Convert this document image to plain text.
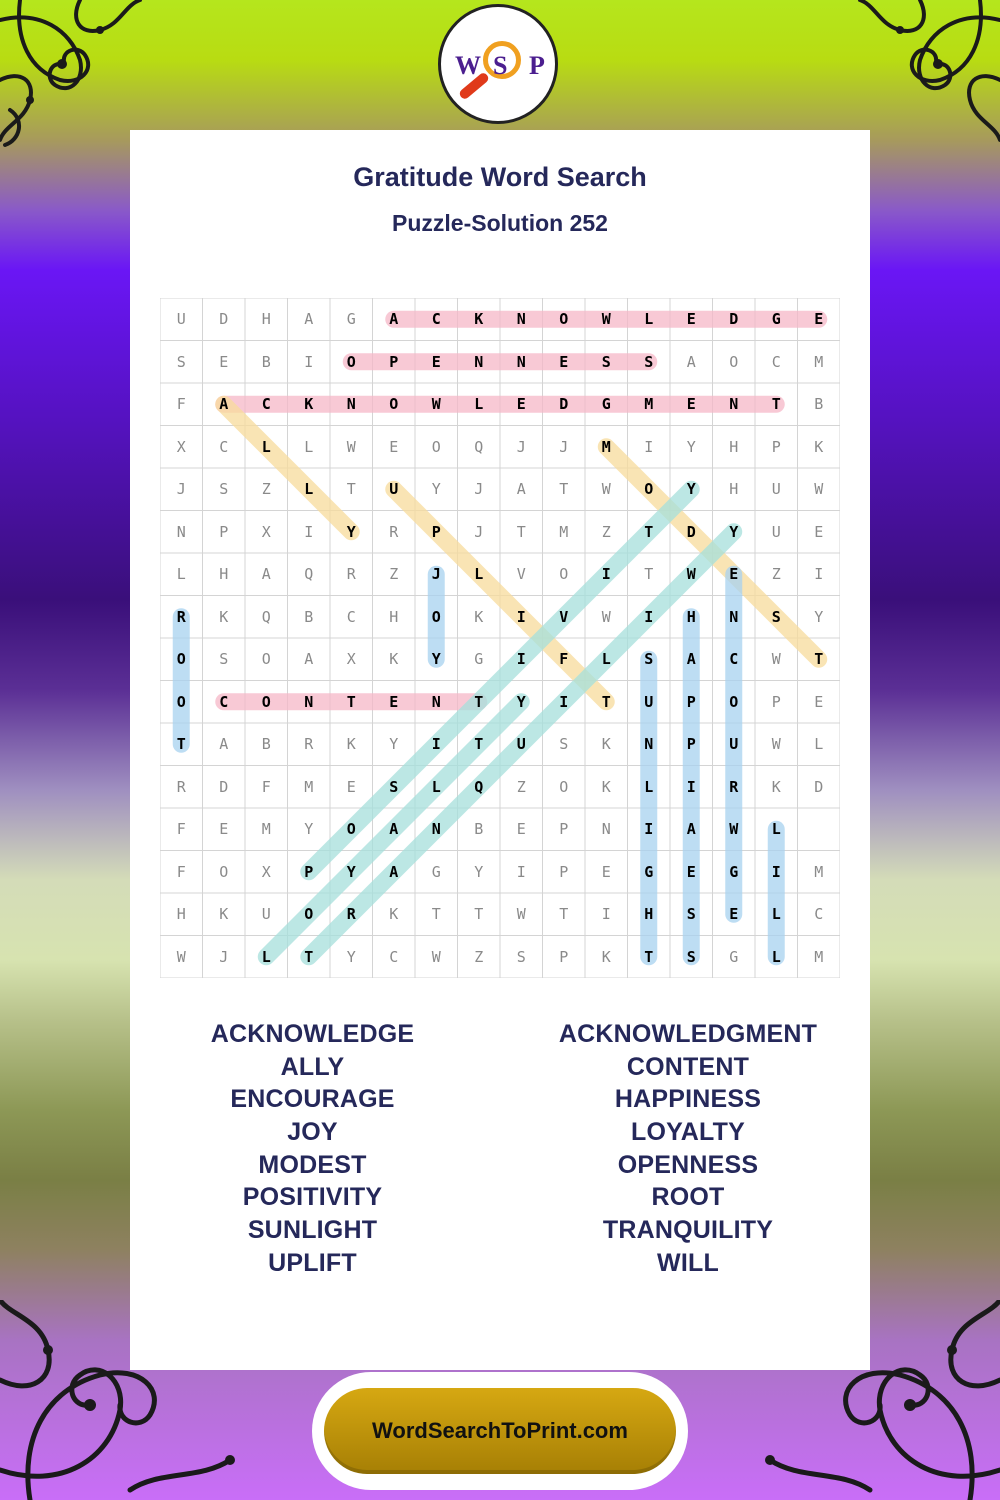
W S P
Gratitude Word Search
Puzzle-Solution 252
U	D	H	A	G	A	C	K	N	O	W	L	E	D	G	E
S	E	B	I	O	P	E	N	N	E	S	S	A	O	C	M
F	A	C	K	N	O	W	L	E	D	G	M	E	N	T	B
X	C	L	L	W	E	O	Q	J	J	M	I	Y	H	P	K
J	S	Z	L	T	U	Y	J	A	T	W	O	Y	H	U	W
N	P	X	I	Y	R	P	J	T	M	Z	T	D	Y	U	E
L	H	A	Q	R	Z	J	L	V	O	I	T	W	E	Z	I
R	K	Q	B	C	H	O	K	I	V	W	I	H	N	S	Y
O	S	O	A	X	K	Y	G	I	F	L	S	A	C	W	T
O	C	O	N	T	E	N	T	Y	I	T	U	P	O	P	E
T	A	B	R	K	Y	I	T	U	S	K	N	P	U	W	L
R	D	F	M	E	S	L	Q	Z	O	K	L	I	R	K	D
F	E	M	Y	O	A	N	B	E	P	N	I	A	W	L
F	O	X	P	Y	A	G	Y	I	P	E	G	E	G	I	M
H	K	U	O	R	K	T	T	W	T	I	H	S	E	L	C
W	J	L	T	Y	C	W	Z	S	P	K	T	S	G	L	M
ACKNOWLEDGE
ALLY
ENCOURAGE
JOY
MODEST
POSITIVITY
SUNLIGHT
UPLIFT
ACKNOWLEDGMENT
CONTENT
HAPPINESS
LOYALTY
OPENNESS
ROOT
TRANQUILITY
WILL
WordSearchToPrint.com
